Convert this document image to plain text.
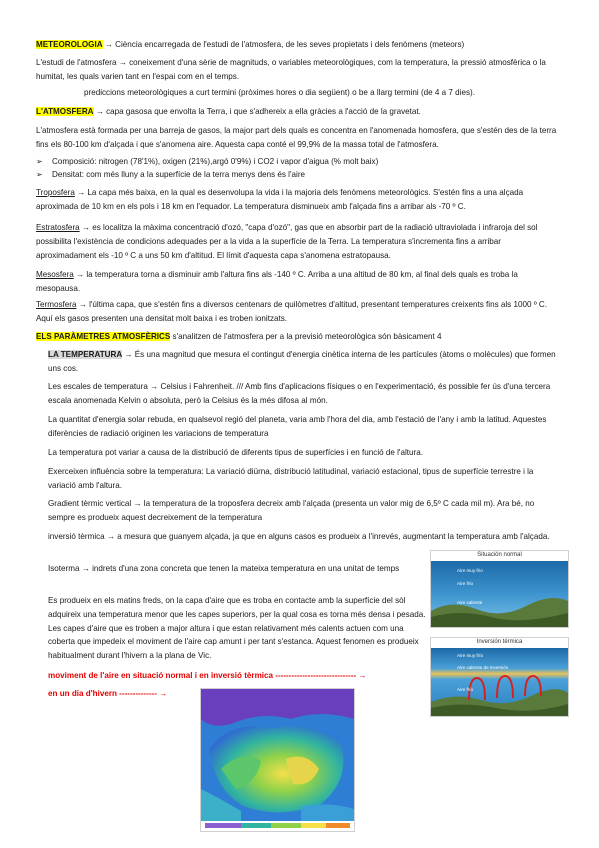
METEOROLOGIA → Ciència encarregada de l'estudi de l'atmosfera, de les seves propietats i dels fenòmens (meteors)

L'estudi de l'atmosfera → coneixement d'una sèrie de magnituds, o variables meteorològiques, com la temperatura, la pressió atmosfèrica o la humitat, les quals varien tant en l'espai com en el temps.

prediccions meteorològiques a curt termini (pròximes hores o dia següent) o be a llarg termini (de 4 a 7 dies).

L'ATMOSFERA → capa gasosa que envolta la Terra, i que s'adhereix a ella gràcies a l'acció de la gravetat.

L'atmosfera està formada per una barreja de gasos, la major part dels quals es concentra en l'anomenada homosfera, que s'estén des de la terra fins els 80-100 km d'alçada i que s'anomena aire. Aquesta capa conté el 99,9% de la massa total de l'atmosfera.

➢ Composició: nitrogen (78'1%), oxigen (21%),argó 0'9%) i CO2 i vapor d'aigua (% molt baix)
➢ Densitat: com més lluny a la superfície de la terra menys dens és l'aire

Troposfera → La capa més baixa, en la qual es desenvolupa la vida i la majoria dels fenòmens meteorològics. S'estén fins a una alçada aproximada de 10 km en els pols i 18 km en l'equador. La temperatura disminueix amb l'alçada fins a arribar als -70 º C.

Estratosfera → es localitza la màxima concentració d'ozó, "capa d'ozó", gas que en absorbir part de la radiació ultraviolada i infraroja del sol possibilita l'existència de condicions adequades per a la vida a la superfície de la Terra. La temperatura s'incrementa fins a arribar aproximadament els -10 º C a uns 50 km d'altitud. El límit d'aquesta capa s'anomena estratopausa.

Mesosfera → la temperatura torna a disminuir amb l'altura fins als -140 º C. Arriba a una altitud de 80 km, al final dels quals es troba la mesopausa.

Termosfera → l'última capa, que s'estén fins a diversos centenars de quilòmetres d'altitud, presentant temperatures creixents fins als 1000 º C. Aquí els gasos presenten una densitat molt baixa i es troben ionitzats.

ELS PARÀMETRES ATMOSFÈRICS s'analitzen de l'atmosfera per a la previsió meteorològica són bàsicament 4

LA TEMPERATURA → És una magnitud que mesura el contingut d'energia cinètica interna de les partícules (àtoms o molècules) que formen uns cos.

Les escales de temperatura → Celsius i Fahrenheit. /// Amb fins d'aplicacions físiques o en l'experimentació, és possible fer ús d'una tercera escala anomenada Kelvin o absoluta, però la Celsius és la més difosa al món.

La quantitat d'energia solar rebuda, en qualsevol regió del planeta, varia amb l'hora del dia, amb l'estació de l'any i amb la latitud. Aquestes diferències de radiació originen les variacions de temperatura

La temperatura pot variar a causa de la distribució de diferents tipus de superfícies i en funció de l'altura.

Exerceixen influència sobre la temperatura: La variació diürna, distribució latitudinal, variació estacional, tipus de superfície terrestre i la variació amb l'altura.

Gradient tèrmic vertical → la temperatura de la troposfera decreix amb l'alçada (presenta un valor mig de 6,5º C cada mil m). Ara bé, no sempre es produeix aquest decreixement de la temperatura

inversió tèrmica → a mesura que guanyem alçada, ja que en alguns casos es produeix a l'inrevés, augmentant la temperatura amb l'alçada.

Isoterma → indrets d'una zona concreta que tenen la mateixa temperatura en una unitat de temps

Es produeix en els matins freds, on la capa d'aire que es troba en contacte amb la superfície del sòl adquireix una temperatura menor que les capes superiors, per la qual cosa es torna més densa i pesada. Les capes d'aire que es troben a major altura i que estan relativament més calents actuen com una coberta que impedeix el moviment de l'aire cap amunt i per tant s'estanca. Aquest fenomen es produeix habitualment durant l'hivern a la plana de Vic.

moviment de l'aire en situació normal i en inversió tèrmica ------------------------------ →

en un dia d'hivern -------------- →

Situación normal
Aire muy frio
Aire frío
Aire caliente
Inversión térmica
Aire muy frío
Aire caliente de inversión
Aire frío
